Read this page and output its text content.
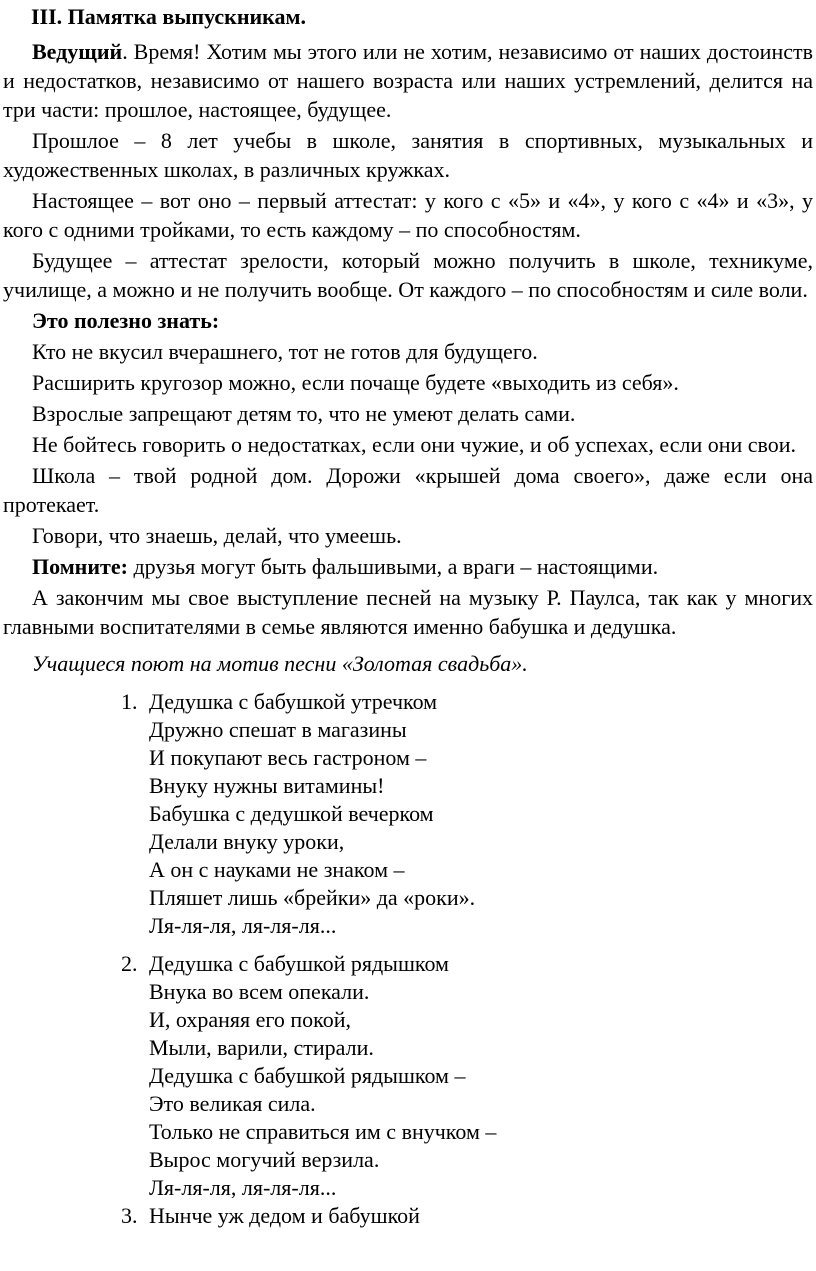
III. Памятка выпускникам.

Ведущий. Время! Хотим мы этого или не хотим, независимо от наших достоинств и недостатков, независимо от нашего возраста или наших устремлений, делится на три части: прошлое, настоящее, будущее.

Прошлое – 8 лет учебы в школе, занятия в спортивных, музыкальных и художественных школах, в различных кружках.

Настоящее – вот оно – первый аттестат: у кого с «5» и «4», у кого с «4» и «3», у кого с одними тройками, то есть каждому – по способностям.

Будущее – аттестат зрелости, который можно получить в школе, техникуме, училище, а можно и не получить вообще. От каждого – по способностям и силе воли.

Это полезно знать:

Кто не вкусил вчерашнего, тот не готов для будущего.

Расширить кругозор можно, если почаще будете «выходить из себя».

Взрослые запрещают детям то, что не умеют делать сами.

Не бойтесь говорить о недостатках, если они чужие, и об успехах, если они свои.

Школа – твой родной дом. Дорожи «крышей дома своего», даже если она протекает.

Говори, что знаешь, делай, что умеешь.

Помните: друзья могут быть фальшивыми, а враги – настоящими.

А закончим мы свое выступление песней на музыку Р. Паулса, так как у многих главными воспитателями в семье являются именно бабушка и дедушка.

Учащиеся поют на мотив песни «Золотая свадьба».
1. Дедушка с бабушкой утречком
Дружно спешат в магазины
И покупают весь гастроном –
Внуку нужны витамины!
Бабушка с дедушкой вечерком
Делали внуку уроки,
А он с науками не знаком –
Пляшет лишь «брейки» да «роки».
Ля-ля-ля, ля-ля-ля...
2. Дедушка с бабушкой рядышком
Внука во всем опекали.
И, охраняя его покой,
Мыли, варили, стирали.
Дедушка с бабушкой рядышком –
Это великая сила.
Только не справиться им с внучком –
Вырос могучий верзила.
Ля-ля-ля, ля-ля-ля...
3. Нынче уж дедом и бабушкой
